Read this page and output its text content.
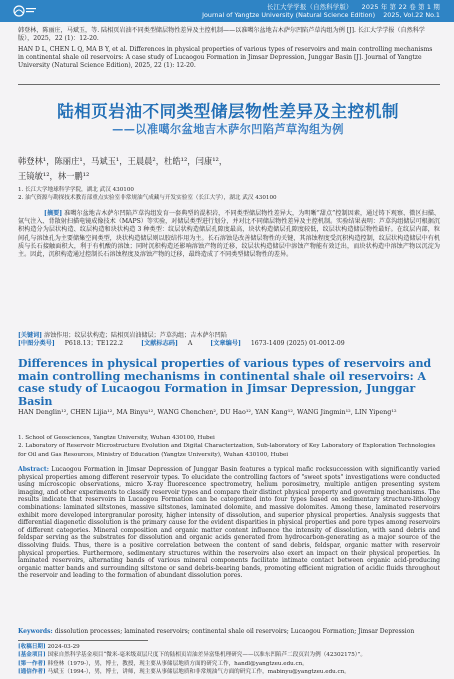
长江大学学报（自然科学版） 2025 年 第 22 卷 第 1 期
Journal of Yangtze University (Natural Science Edition) 2025, Vol.22 No.1
韩登林，陈丽庄，马斌玉，等. 陆相页岩油不同类型储层物性差异及主控机制——以准噶尔盆地吉木萨尔凹陷芦草沟组为例 [J]. 长江大学学报（自然科学版），2025，22 (1)：12-20.
HAN D L, CHEN L Q, MA B Y, et al. Differences in physical properties of various types of reservoirs and main controlling mechanisms in continental shale oil reservoirs: A case study of Lucaogou Formation in Jimsar Depression, Junggar Basin [J]. Journal of Yangtze University (Natural Science Edition), 2025, 22 (1): 12-20.
陆相页岩油不同类型储层物性差异及主控机制
——以准噶尔盆地吉木萨尔凹陷芦草沟组为例
韩登林¹，陈丽庄¹，马斌玉¹，王晨晨²，杜皓¹²，闫康¹²，
王镜敏¹²，林一鹏¹²
1. 长江大学地球科学学院，湖北 武汉 430100
2. 油气资源与勘探技术教育部重点实验室非常规油气成藏与开发实验室（长江大学），湖北 武汉 430100
[摘要] 准噶尔盆地吉木萨尔凹陷芦草沟组发育一套典型的混积岩，不同类型储层物性差异大，为明晰“甜点”控制因素，通过铸下观察、微区扫描、氩气注入、背散射扫描电镜成像技术（MAPS）等实验，对储层类型进行划分，并对比不同储层物性差异及主控机制。实验结果表明：芦草沟组储层可根据沉积构造分为层状构造、纹层构造和块状构造 3 种类型：纹层状构造储层孔隙度最高，块状构造储层孔隙度较低，纹层状构造储层物性最好。在纹层内部，粒间孔与溶蚀孔为主要储集空间类型，块状构造储层则以胶结作用为主。长石溶蚀是改善储层物性的关键，其溶蚀程度受沉积构造控制，纹层状构造储层中有机质与长石接触面积大，利于有机酸的溶蚀；同时沉积构造还影响溶蚀产物的迁移，纹层状构造储层中溶蚀产物能有效迁出，而块状构造中溶蚀产物以沉淀为主。因此，沉积构造通过控制长石溶蚀程度及溶蚀产物的迁移，最终造成了不同类型储层物性的差异。
[关键词] 溶蚀作用；纹层状构造；陆相页岩油储层；芦草沟组；吉木萨尔凹陷
[中图分类号] P618.13；TE122.2	[文献标志码] A	[文章编号] 1673-1409 (2025) 01-0012-09
Differences in physical properties of various types of reservoirs and main controlling mechanisms in continental shale oil reservoirs: A case study of Lucaogou Formation in Jimsar Depression, Junggar Basin
HAN Denglin¹², CHEN Lijia¹², MA Binyu¹², WANG Chenchen², DU Hao¹², YAN Kang¹², WANG Jingmin¹², LIN Yipeng¹²
1. School of Geosciences, Yangtze University, Wuhan 430100, Hubei
2. Laboratory of Reservoir Microstructure Evolution and Digital Characterization, Sub-laboratory of Key Laboratory of Exploration Technologies for Oil and Gas Resources, Ministry of Education (Yangtze University), Wuhan 430100, Hubei
Abstract: Lucaogou Formation in Jimsar Depression of Junggar Basin features a typical mafic rocksuccession with significantly varied physical properties among different reservoir types. To elucidate the controlling factors of "sweet spots" investigations were conducted using microscopic observations, micro X-ray fluorescence spectrometry, helium porosimetry, multiple antigen presenting system imaging, and other experiments to classify reservoir types and compare their distinct physical property and governing mechanisms. The results indicate that reservoirs in Lucaogou Formation can be categorized into four types based on sedimentary structure-lithology combinations: laminated siltstones, massive siltstones, laminated dolomite, and massive dolomites. Among these, laminated reservoirs exhibit more developed intergranular porosity, higher intensity of dissolution, and superior physical properties. Analysis suggests that differential diagenetic dissolution is the primary cause for the evident disparities in physical properties and pore types among reservoirs of different categories. Mineral composition and organic matter content influence the intensity of dissolution, with sand debris and feldspar serving as the substrates for dissolution and organic acids generated from hydrocarbon-generating as a major source of the dissolving fluids. Thus, there is a positive correlation between the content of sand debris, feldspar, organic matter with reservoir physical properties. Furthermore, sedimentary structures within the reservoirs also exert an impact on their physical properties. In laminated reservoirs, alternating bands of various mineral components facilitate intimate contact between organic acid-producing organic matter bands and surrounding siltstone or sand debris-bearing bands, promoting efficient migration of acidic fluids throughout the reservoir and leading to the formation of abundant dissolution pores.
Keywords: dissolution processes; laminated reservoirs; continental shale oil reservoirs; Lucaogou Formation; Jimsar Depression
[收稿日期] 2024-03-29
[基金项目] 国家自然科学基金项目“微米-毫米级双层尺度下的陆相页岩油差异富集机理研究——以准东凹陷芦二段页岩为例（42302175）”。
[第一作者] 韩登林（1979-），男，博士，教授，现主要从事储层地质方面的研究工作，handl@yangtzeu.edu.cn。
[通信作者] 马斌玉（1994-），男，博士，讲师，现主要从事储层地质和非常规油气方面的研究工作，mabinyu@yangtzeu.edu.cn。
